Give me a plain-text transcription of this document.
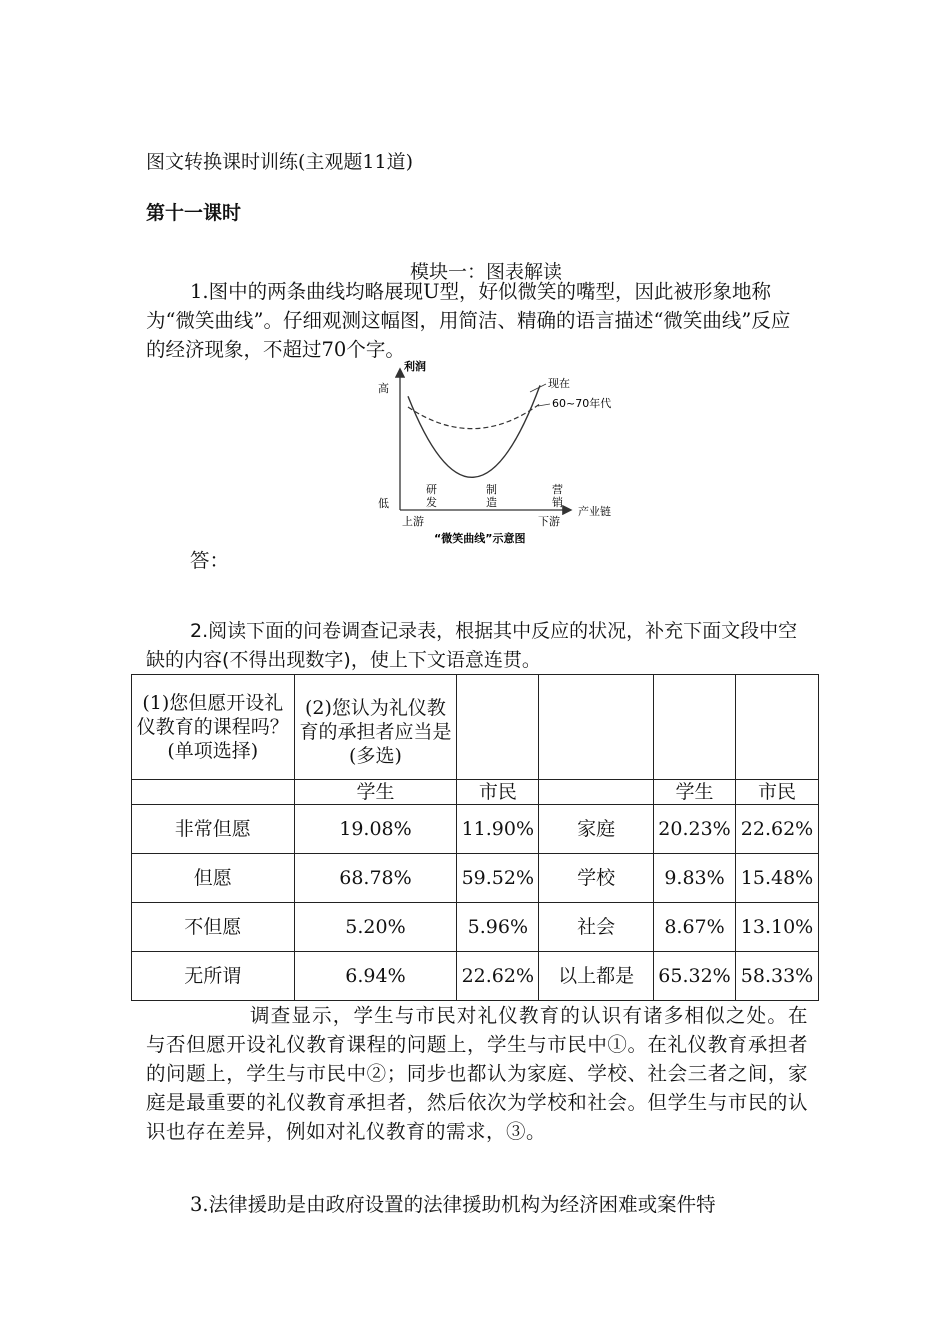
图文转换课时训练(主观题11道)
第十一课时
模块一：图表解读
1.图中的两条曲线均略展现U型，好似微笑的嘴型，因此被形象地称为“微笑曲线”。仔细观测这幅图，用简洁、精确的语言描述“微笑曲线”反应的经济现象，不超过70个字。
利润
高
低
产业链
上游	下游
研
发
制
造
营
销
现在
60~70年代
“微笑曲线”示意图
答：
2.阅读下面的问卷调查记录表，根据其中反应的状况，补充下面文段中空缺的内容(不得出现数字)，使上下文语意连贯。
(1)您但愿开设礼仪教育的课程吗？(单项选择)	(2)您认为礼仪教育的承担者应当是(多选)				
	学生	市民		学生	市民
非常但愿	19.08%	11.90%	家庭	20.23%	22.62%
但愿	68.78%	59.52%	学校	9.83%	15.48%
不但愿	5.20%	5.96%	社会	8.67%	13.10%
无所谓	6.94%	22.62%	以上都是	65.32%	58.33%
调查显示，学生与市民对礼仪教育的认识有诸多相似之处。在与否但愿开设礼仪教育课程的问题上，学生与市民中①。在礼仪教育承担者的问题上，学生与市民中②；同步也都认为家庭、学校、社会三者之间，家庭是最重要的礼仪教育承担者，然后依次为学校和社会。但学生与市民的认识也存在差异，例如对礼仪教育的需求，③。
3.法律援助是由政府设置的法律援助机构为经济困难或案件特
